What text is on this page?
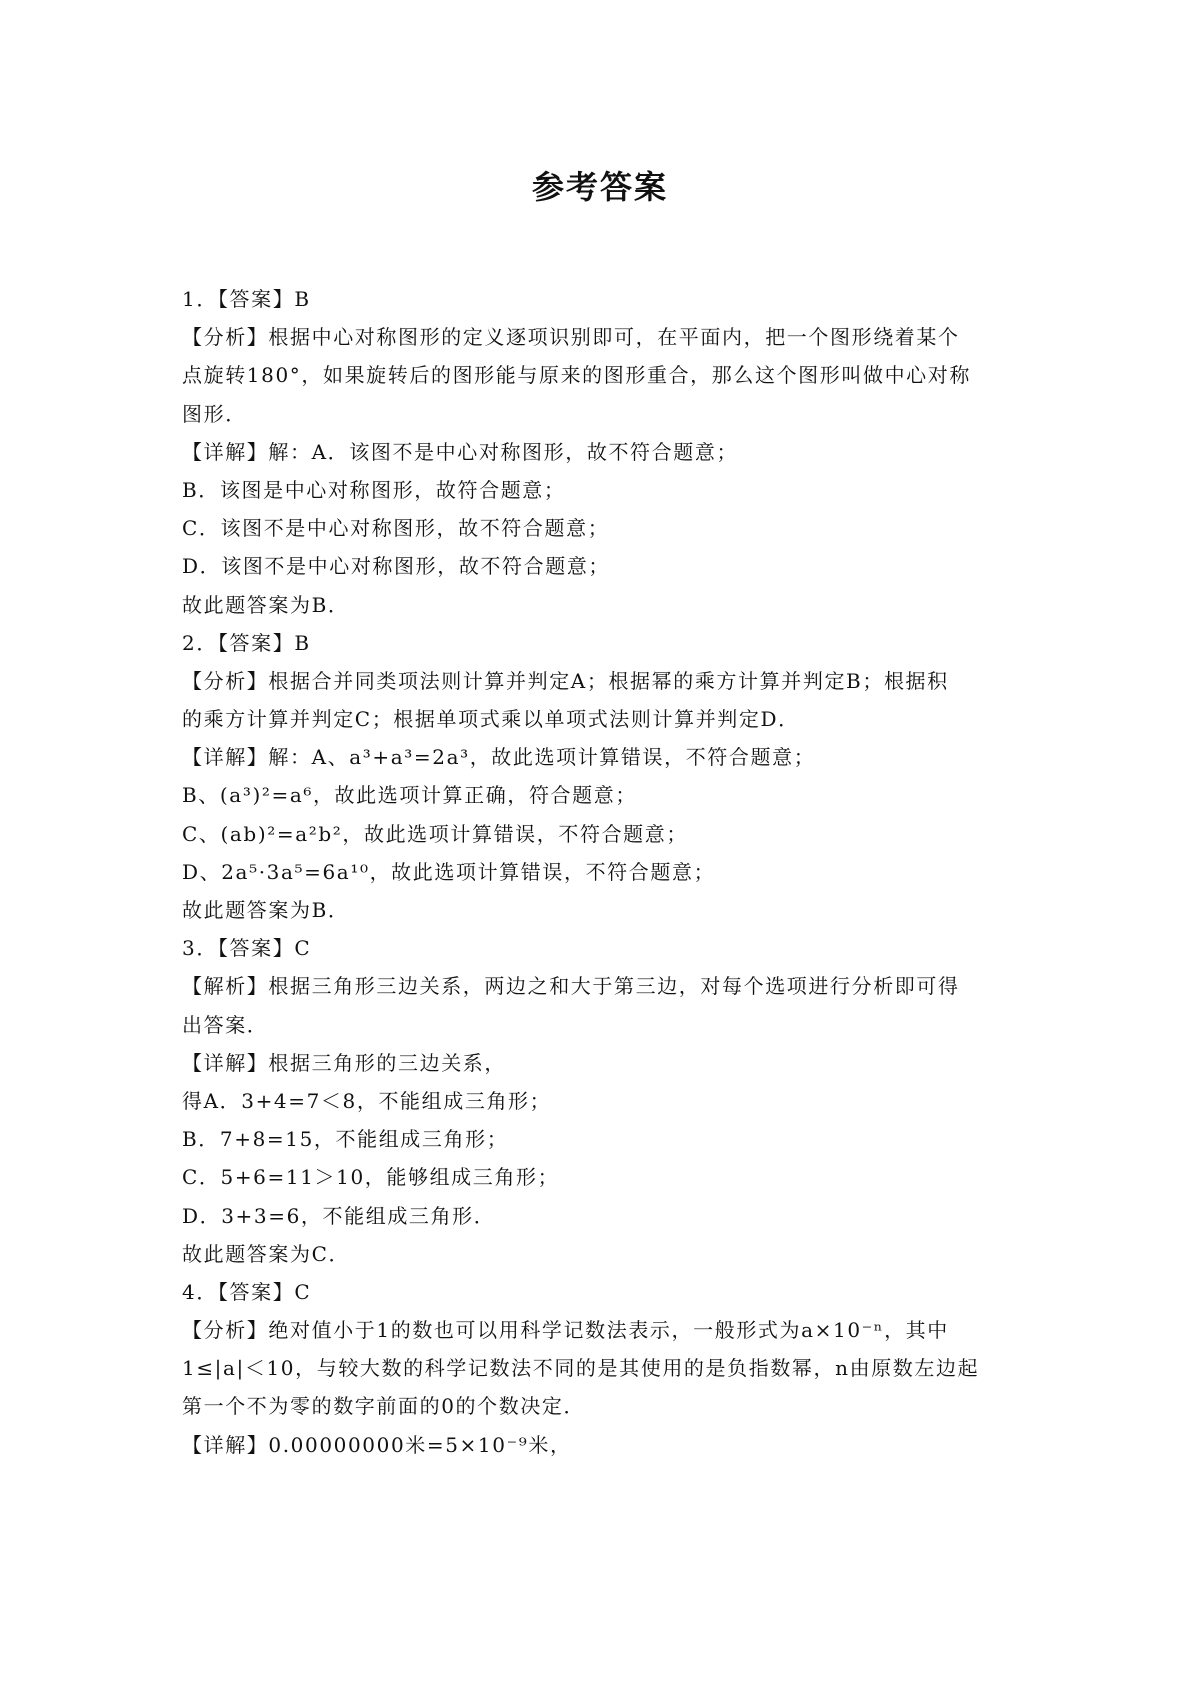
参考答案
1．【答案】B
【分析】根据中心对称图形的定义逐项识别即可，在平面内，把一个图形绕着某个
点旋转180°，如果旋转后的图形能与原来的图形重合，那么这个图形叫做中心对称
图形．
【详解】解：A．该图不是中心对称图形，故不符合题意；
B．该图是中心对称图形，故符合题意；
C．该图不是中心对称图形，故不符合题意；
D．该图不是中心对称图形，故不符合题意；
故此题答案为B．
2．【答案】B
【分析】根据合并同类项法则计算并判定A；根据幂的乘方计算并判定B；根据积
的乘方计算并判定C；根据单项式乘以单项式法则计算并判定D．
【详解】解：A、a³+a³=2a³，故此选项计算错误，不符合题意；
B、(a³)²=a⁶，故此选项计算正确，符合题意；
C、(ab)²=a²b²，故此选项计算错误，不符合题意；
D、2a⁵·3a⁵=6a¹⁰，故此选项计算错误，不符合题意；
故此题答案为B．
3．【答案】C
【解析】根据三角形三边关系，两边之和大于第三边，对每个选项进行分析即可得
出答案．
【详解】根据三角形的三边关系，
得A．3+4=7＜8，不能组成三角形；
B．7+8=15，不能组成三角形；
C．5+6=11＞10，能够组成三角形；
D．3+3=6，不能组成三角形．
故此题答案为C．
4．【答案】C
【分析】绝对值小于1的数也可以用科学记数法表示，一般形式为a×10⁻ⁿ，其中
1≤|a|＜10，与较大数的科学记数法不同的是其使用的是负指数幂，n由原数左边起
第一个不为零的数字前面的0的个数决定．
【详解】0.00000000米=5×10⁻⁹米，
